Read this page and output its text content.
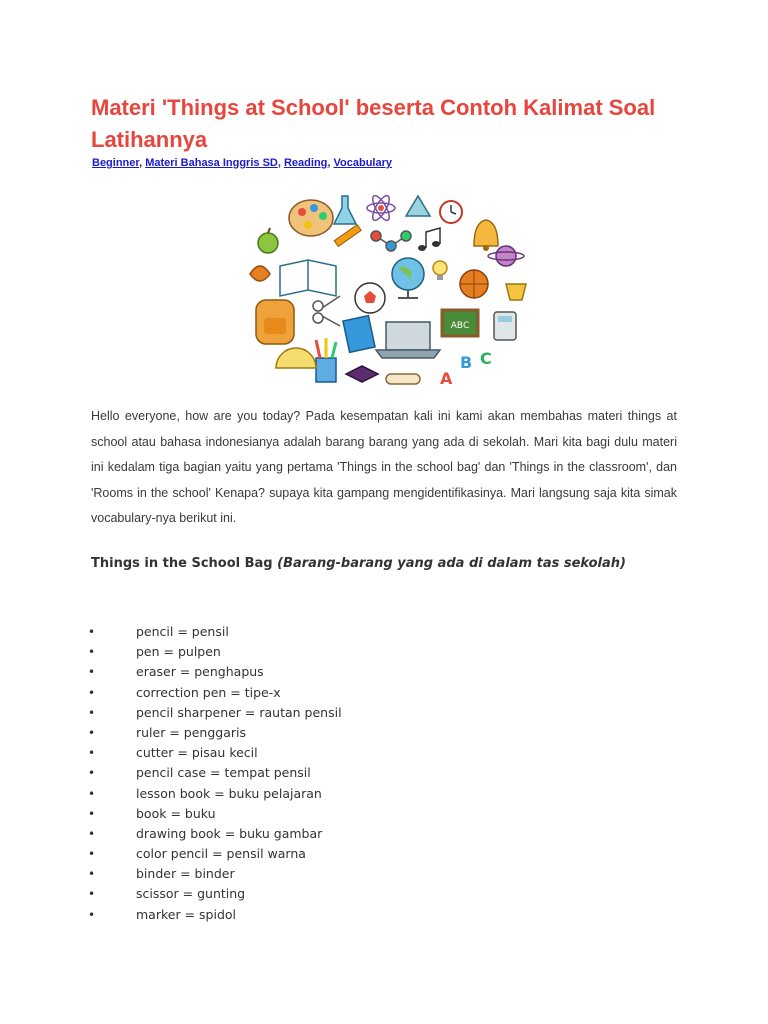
Materi 'Things at School' beserta Contoh Kalimat Soal Latihannya
Beginner, Materi Bahasa Inggris SD, Reading, Vocabulary
ABC
A
B C

Hello everyone, how are you today? Pada kesempatan kali ini kami akan membahas materi things at school atau bahasa indonesianya adalah barang barang yang ada di sekolah. Mari kita bagi dulu materi ini kedalam tiga bagian yaitu yang pertama 'Things in the school bag' dan 'Things in the classroom', dan 'Rooms in the school' Kenapa? supaya kita gampang mengidentifikasinya. Mari langsung saja kita simak vocabulary-nya berikut ini.

Things in the School Bag (Barang-barang yang ada di dalam tas sekolah)
•	pencil = pensil
•	pen = pulpen
•	eraser = penghapus
•	correction pen = tipe-x
•	pencil sharpener = rautan pensil
•	ruler = penggaris
•	cutter = pisau kecil
•	pencil case = tempat pensil
•	lesson book = buku pelajaran
•	book = buku
•	drawing book = buku gambar
•	color pencil = pensil warna
•	binder = binder
•	scissor = gunting
•	marker = spidol
